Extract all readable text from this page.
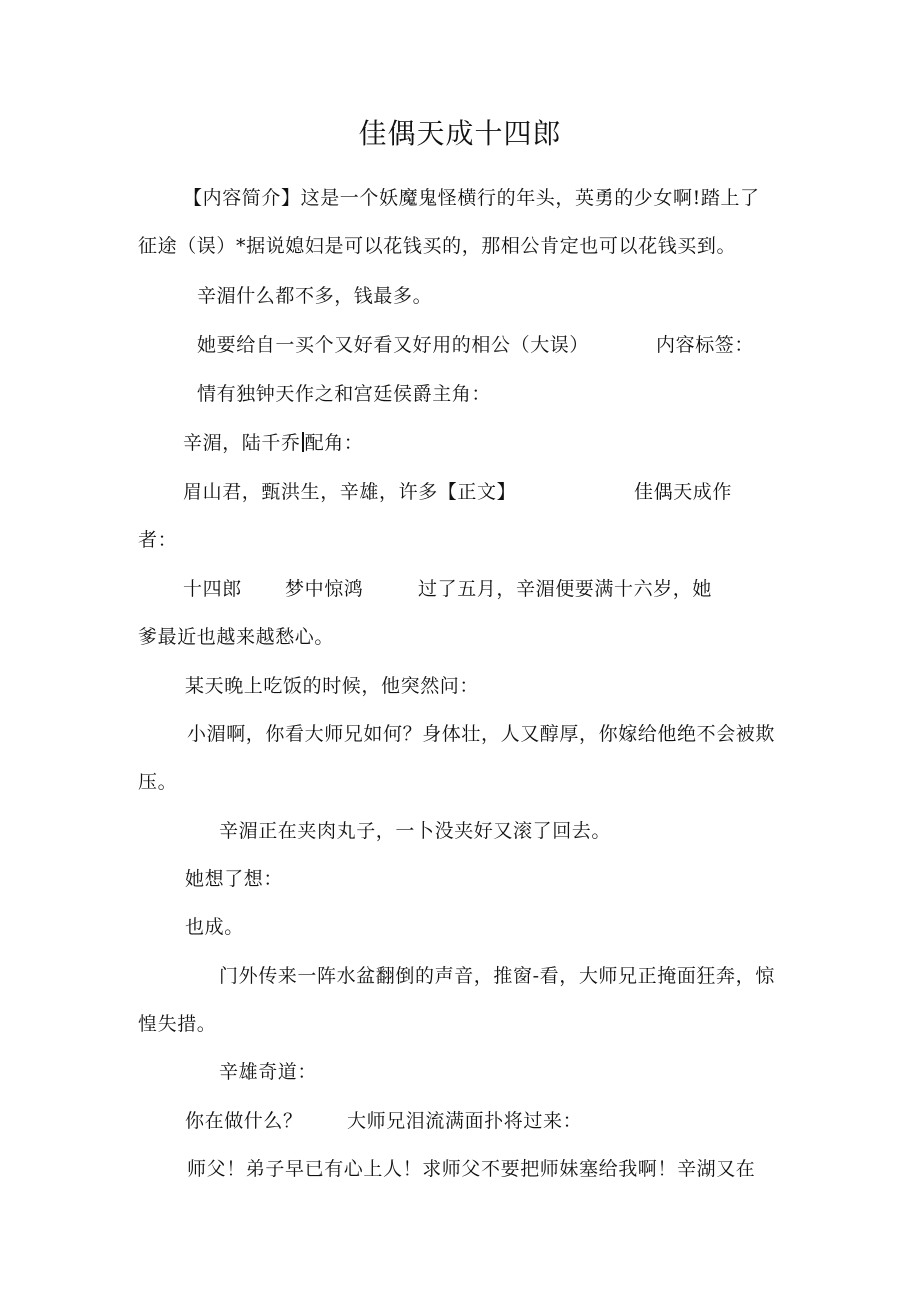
佳偶天成十四郎
【内容简介】这是一个妖魔鬼怪横行的年头，英勇的少女啊!踏上了
征途（误）*据说媳妇是可以花钱买的，那相公肯定也可以花钱买到。
辛湄什么都不多，钱最多。
她要给自一买个又好看又好用的相公（大误）	内容标签：
情有独钟天作之和宫廷侯爵主角：
辛湄，陆千乔 配角：
眉山君，甄洪生，辛雄，许多【正文】	佳偶天成作
者：
十四郎 梦中惊鸿	过了五月，辛湄便要满十六岁，她
爹最近也越来越愁心。
某天晚上吃饭的时候，他突然问：
小湄啊，你看大师兄如何？身体壮，人又醇厚，你嫁给他绝不会被欺
压。
辛湄正在夹肉丸子，一卜没夹好又滚了回去。
她想了想：
也成。
门外传来一阵水盆翻倒的声音，推窗-看，大师兄正掩面狂奔，惊
惶失措。
辛雄奇道：
你在做什么？ 大师兄泪流满面扑将过来：
师父！弟子早已有心上人！求师父不要把师妹塞给我啊！辛湖又在
